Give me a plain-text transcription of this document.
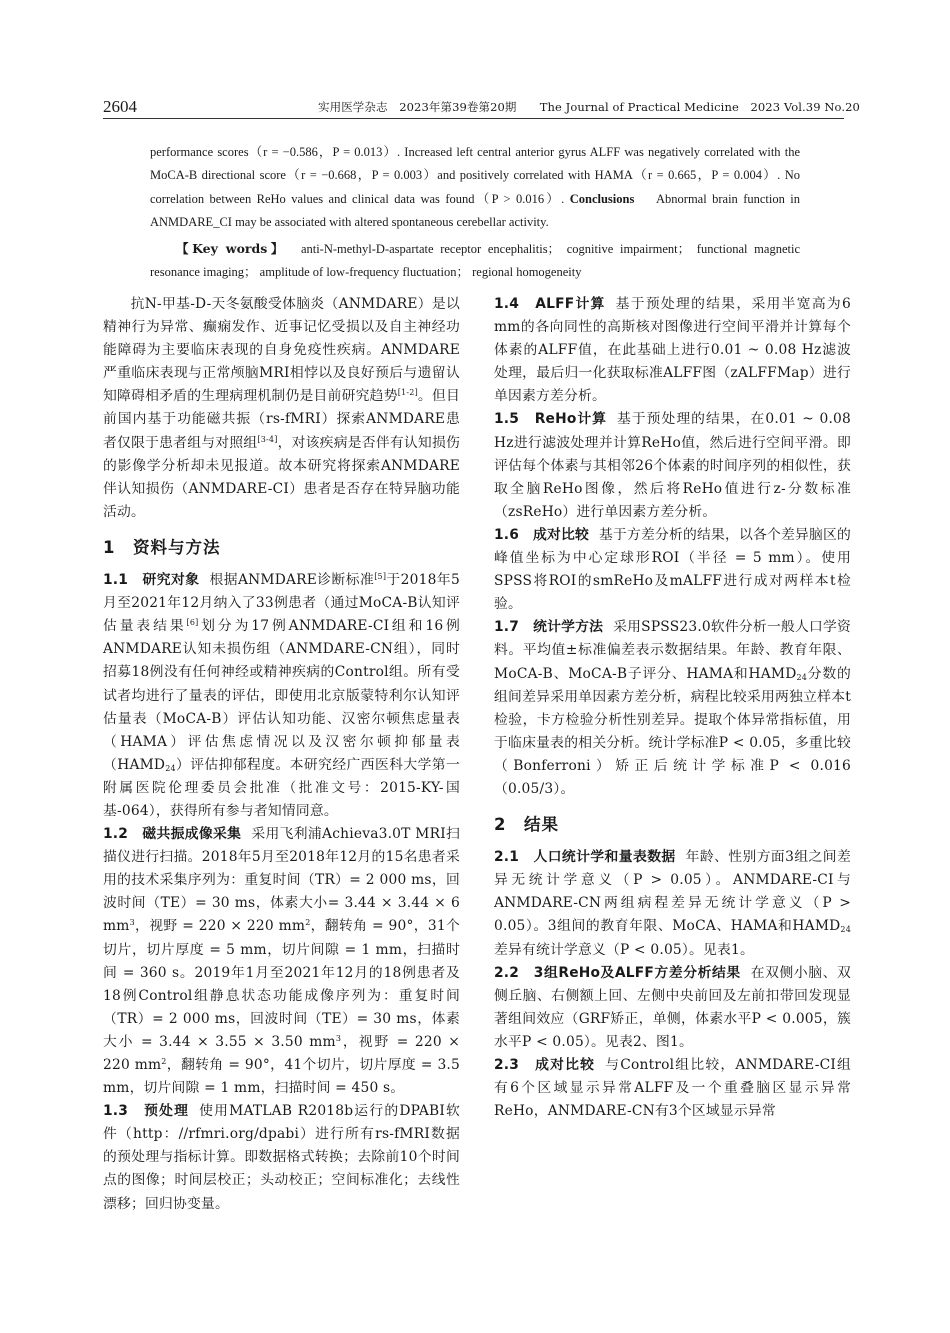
2604	实用医学杂志　2023年第39卷第20期　　The Journal of Practical Medicine　2023 Vol.39 No.20

performance scores（r = −0.586，P = 0.013）. Increased left central anterior gyrus ALFF was negatively correlated with the MoCA-B directional score（r = −0.668，P = 0.003）and positively correlated with HAMA（r = 0.665，P = 0.004）. No correlation between ReHo values and clinical data was found（P > 0.016）. Conclusions Abnormal brain function in ANMDARE_CI may be associated with altered spontaneous cerebellar activity.

【Key words】 anti-N-methyl-D-aspartate receptor encephalitis； cognitive impairment； functional magnetic resonance imaging； amplitude of low-frequency fluctuation； regional homogeneity

抗N-甲基-D-天冬氨酸受体脑炎（ANMDARE）是以精神行为异常、癫痫发作、近事记忆受损以及自主神经功能障碍为主要临床表现的自身免疫性疾病。ANMDARE严重临床表现与正常颅脑MRI相悖以及良好预后与遗留认知障碍相矛盾的生理病理机制仍是目前研究趋势[1-2]。但目前国内基于功能磁共振（rs-fMRI）探索ANMDARE患者仅限于患者组与对照组[3-4]，对该疾病是否伴有认知损伤的影像学分析却未见报道。故本研究将探索ANMDARE伴认知损伤（ANMDARE-CI）患者是否存在特异脑功能活动。

1　资料与方法

1.1　研究对象 根据ANMDARE诊断标准[5]于2018年5月至2021年12月纳入了33例患者（通过MoCA-B认知评估量表结果[6]划分为17例ANMDARE-CI组和16例ANMDARE认知未损伤组（ANMDARE-CN组），同时招募18例没有任何神经或精神疾病的Control组。所有受试者均进行了量表的评估，即使用北京版蒙特利尔认知评估量表（MoCA-B）评估认知功能、汉密尔顿焦虑量表（HAMA）评估焦虑情况以及汉密尔顿抑郁量表$(HAMD_{24})$评估抑郁程度。本研究经广西医科大学第一附属医院伦理委员会批准（批准文号：2015-KY-国基-064），获得所有参与者知情同意。

1.2　磁共振成像采集 采用飞利浦Achieva3.0T MRI扫描仪进行扫描。2018年5月至2018年12月的15名患者采用的技术采集序列为：重复时间（TR）= 2 000 ms，回波时间（TE）= 30 ms，体素大小= 3.44 × 3.44 × 6 $mm^3$，视野 = 220 × 220 $mm^2$，翻转角 = 90°，31个切片，切片厚度 = 5 mm，切片间隙 = 1 mm，扫描时间 = 360 s。2019年1月至2021年12月的18例患者及18例Control组静息状态功能成像序列为：重复时间（TR）= 2 000 ms，回波时间（TE）= 30 ms，体素大小 = 3.44 × 3.55 × 3.50 $mm^3$，视野 = 220 × 220 $mm^2$，翻转角 = 90°，41个切片，切片厚度 = 3.5 mm，切片间隙 = 1 mm，扫描时间 = 450 s。

1.3　预处理 使用MATLAB R2018b运行的DPABI软件（http：//rfmri.org/dpabi）进行所有rs-fMRI数据的预处理与指标计算。即数据格式转换；去除前10个时间点的图像；时间层校正；头动校正；空间标准化；去线性漂移；回归协变量。

1.4　ALFF计算 基于预处理的结果，采用半宽高为6 mm的各向同性的高斯核对图像进行空间平滑并计算每个体素的ALFF值，在此基础上进行0.01 ~ 0.08 Hz滤波处理，最后归一化获取标准ALFF图（zALFFMap）进行单因素方差分析。

1.5　ReHo计算 基于预处理的结果，在0.01 ~ 0.08 Hz进行滤波处理并计算ReHo值，然后进行空间平滑。即评估每个体素与其相邻26个体素的时间序列的相似性，获取全脑ReHo图像，然后将ReHo值进行z-分数标准（zsReHo）进行单因素方差分析。

1.6　成对比较 基于方差分析的结果，以各个差异脑区的峰值坐标为中心定球形ROI（半径 = 5 mm）。使用SPSS将ROI的smReHo及mALFF进行成对两样本t检验。

1.7　统计学方法 采用SPSS23.0软件分析一般人口学资料。平均值±标准偏差表示数据结果。年龄、教育年限、MoCA-B、MoCA-B子评分、HAMA和$HAMD_{24}$分数的组间差异采用单因素方差分析，病程比较采用两独立样本t检验，卡方检验分析性别差异。提取个体异常指标值，用于临床量表的相关分析。统计学标准P < 0.05，多重比较（Bonferroni）矫正后统计学标准P < 0.016（0.05/3）。

2　结果

2.1　人口统计学和量表数据 年龄、性别方面3组之间差异无统计学意义（P > 0.05）。ANMDARE-CI与ANMDARE-CN两组病程差异无统计学意义（P > 0.05）。3组间的教育年限、MoCA、HAMA和$HAMD_{24}$差异有统计学意义（P < 0.05）。见表1。

2.2　3组ReHo及ALFF方差分析结果 在双侧小脑、双侧丘脑、右侧额上回、左侧中央前回及左前扣带回发现显著组间效应（GRF矫正，单侧，体素水平P < 0.005，簇水平P < 0.05）。见表2、图1。

2.3　成对比较 与Control组比较，ANMDARE-CI组有6个区域显示异常ALFF及一个重叠脑区显示异常ReHo，ANMDARE-CN有3个区域显示异常
